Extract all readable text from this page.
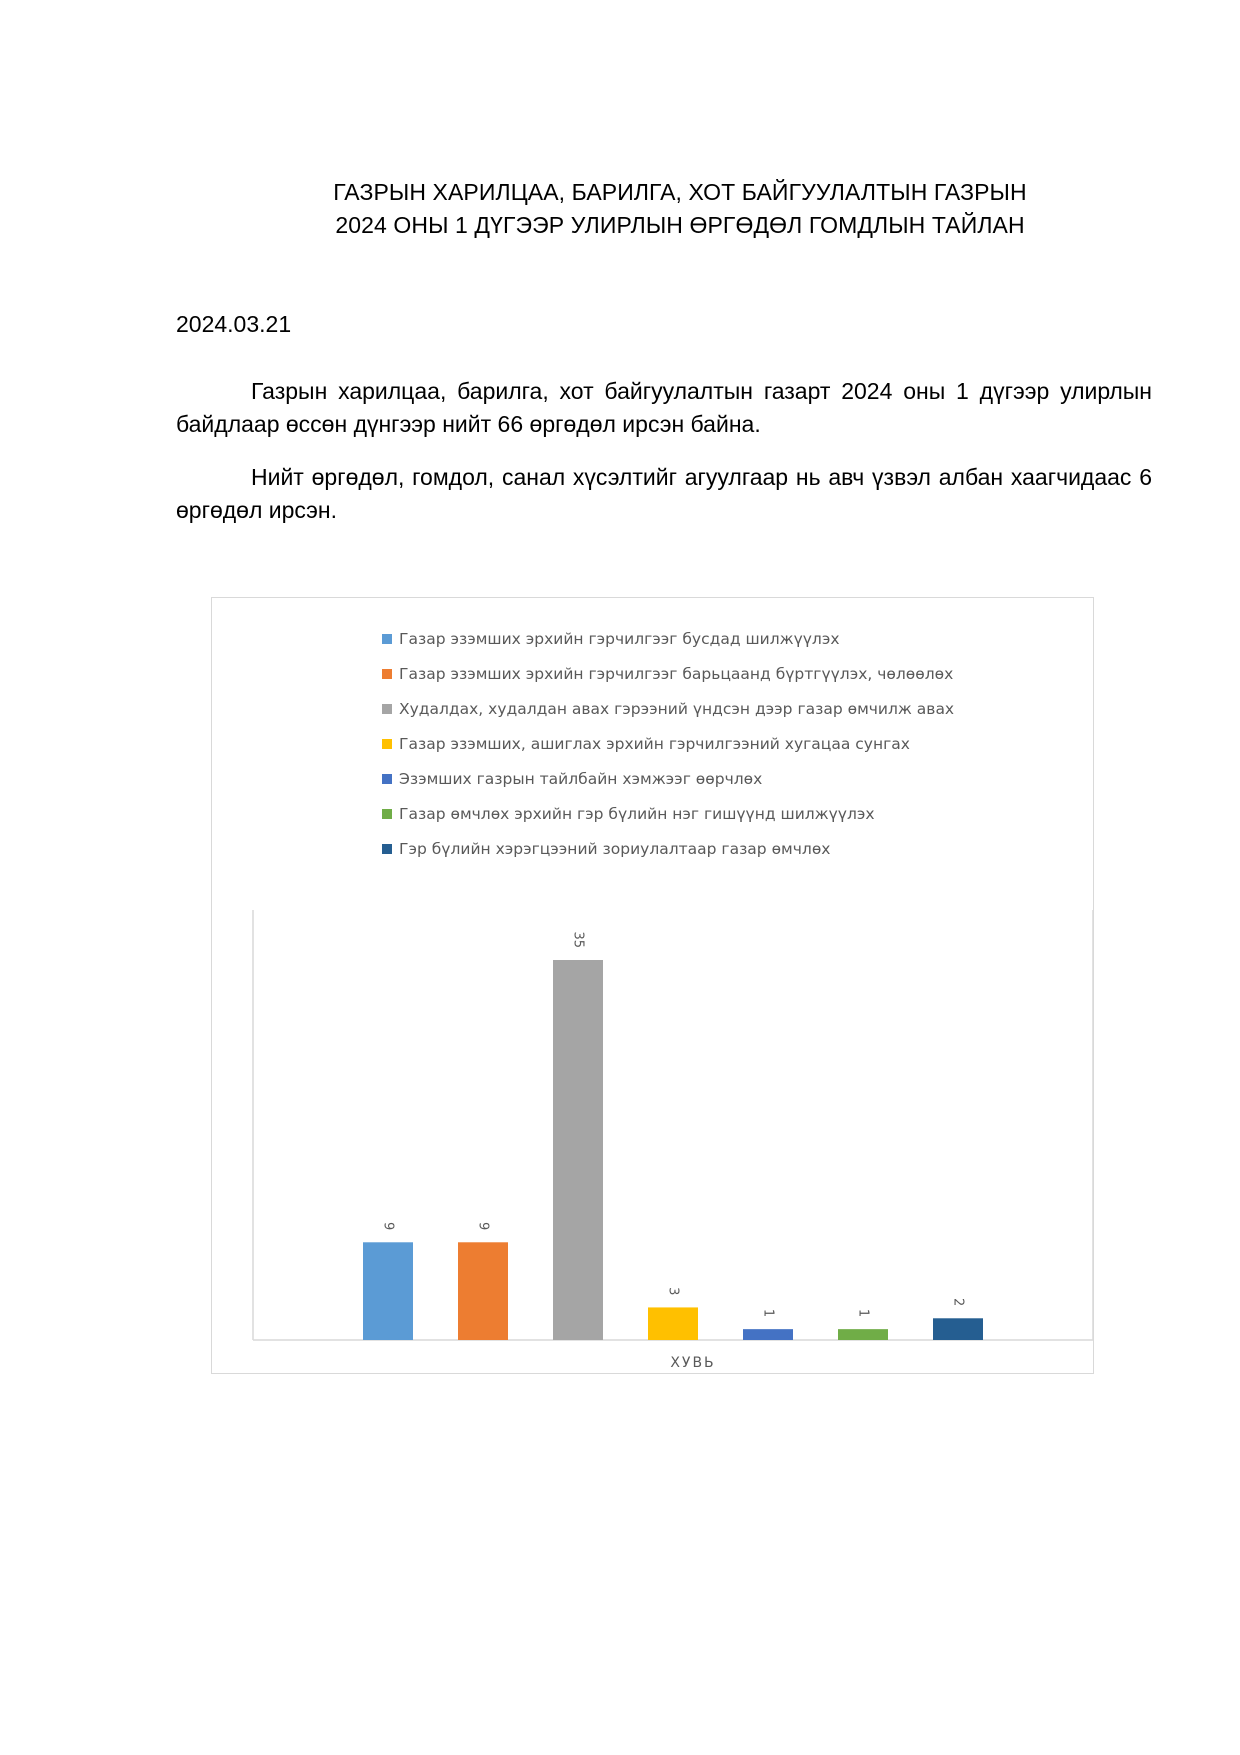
ГАЗРЫН ХАРИЛЦАА, БАРИЛГА, ХОТ БАЙГУУЛАЛТЫН ГАЗРЫН
2024 ОНЫ 1 ДҮГЭЭР УЛИРЛЫН ӨРГӨДӨЛ ГОМДЛЫН ТАЙЛАН
2024.03.21
Газрын харилцаа, барилга, хот байгуулалтын газарт 2024 оны 1 дүгээр улирлын байдлаар өссөн дүнгээр нийт 66 өргөдөл ирсэн байна.
Нийт өргөдөл, гомдол, санал хүсэлтийг агуулгаар нь авч үзвэл албан хаагчидаас 6 өргөдөл ирсэн.
Газар эзэмших эрхийн гэрчилгээг бусдад шилжүүлэх
Газар эзэмших эрхийн гэрчилгээг барьцаанд бүртгүүлэх, чөлөөлөх
Худалдах, худалдан авах гэрээний үндсэн дээр газар өмчилж авах
Газар эзэмших, ашиглах эрхийн гэрчилгээний хугацаа сунгах
Эзэмших газрын тайлбайн хэмжээг өөрчлөх
Газар өмчлөх эрхийн гэр бүлийн нэг гишүүнд шилжүүлэх
Гэр бүлийн хэрэгцээний зориулалтаар газар өмчлөх
9	9
35
3
1	1
2
ХУВЬ
